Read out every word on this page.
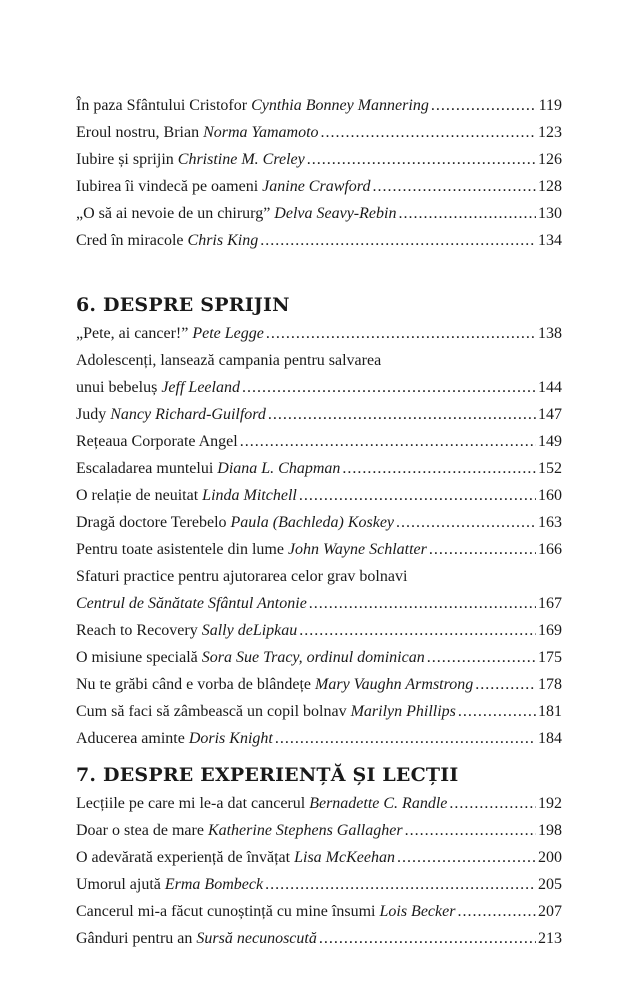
În paza Sfântului Cristofor Cynthia Bonney Mannering .....	119
Eroul nostru, Brian Norma Yamamoto .....	123
Iubire și sprijin Christine M. Creley .....	126
Iubirea îi vindecă pe oameni Janine Crawford .....	128
„O să ai nevoie de un chirurg” Delva Seavy-Rebin .....	130
Cred în miracole Chris King .....	134
6. DESPRE SPRIJIN
„Pete, ai cancer!” Pete Legge .....	138
Adolescenți, lansează campania pentru salvarea
unui bebeluș Jeff Leeland .....	144
Judy Nancy Richard-Guilford .....	147
Rețeaua Corporate Angel .....	149
Escaladarea muntelui Diana L. Chapman .....	152
O relație de neuitat Linda Mitchell .....	160
Dragă doctore Terebelo Paula (Bachleda) Koskey .....	163
Pentru toate asistentele din lume John Wayne Schlatter .....	166
Sfaturi practice pentru ajutorarea celor grav bolnavi
Centrul de Sănătate Sfântul Antonie .....	167
Reach to Recovery Sally deLipkau .....	169
O misiune specială Sora Sue Tracy, ordinul dominican .....	175
Nu te grăbi când e vorba de blândețe Mary Vaughn Armstrong .....	178
Cum să faci să zâmbească un copil bolnav Marilyn Phillips .....	181
Aducerea aminte Doris Knight .....	184
7. DESPRE EXPERIENȚĂ ȘI LECȚII
Lecțiile pe care mi le-a dat cancerul Bernadette C. Randle .....	192
Doar o stea de mare Katherine Stephens Gallagher .....	198
O adevărată experiență de învățat Lisa McKeehan .....	200
Umorul ajută Erma Bombeck .....	205
Cancerul mi-a făcut cunoștință cu mine însumi Lois Becker .....	207
Gânduri pentru an Sursă necunoscută .....	213
